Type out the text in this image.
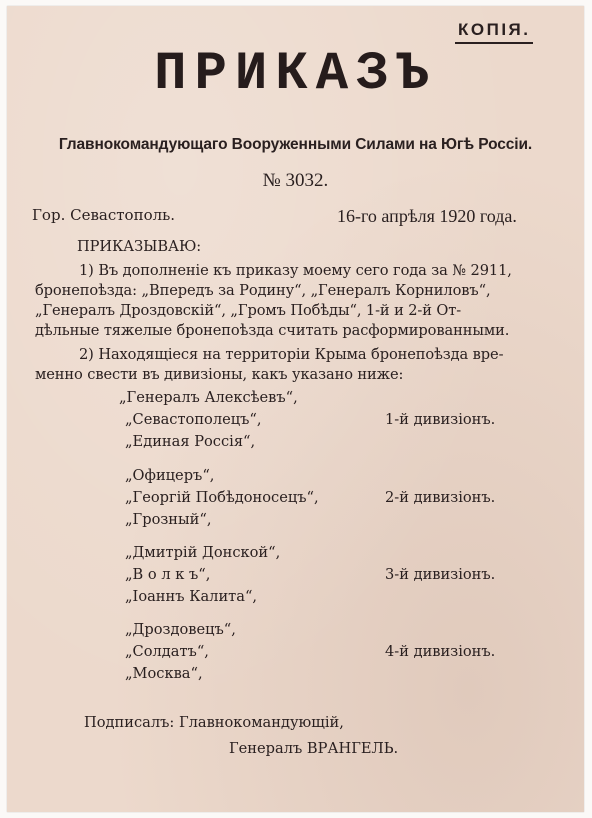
КОПІЯ.
ПРИКАЗЪ
Главнокомандующаго Вооруженными Силами на Югѣ Россіи.
№ 3032.
Гор. Севастополь.	16-го апрѣля 1920 года.
ПРИКАЗЫВАЮ:
1) Въ дополненіе къ приказу моему сего года за № 2911,
бронепоѣзда: „Впередъ за Родину“, „Генералъ Корниловъ“,
„Генералъ Дроздовскій“, „Громъ Побѣды“, 1-й и 2-й От-
дѣльные тяжелые бронепоѣзда считать расформированными.
2) Находящіеся на территоріи Крыма бронепоѣзда вре-
менно свести въ дивизіоны, какъ указано ниже:
„Генералъ Алексѣевъ“,
„Севастополецъ“,
„Единая Россія“,
1-й дивизіонъ.
„Офицеръ“,
„Георгій Побѣдоносецъ“,
„Грозный“,
2-й дивизіонъ.
„Дмитрій Донской“,
„В о л к ъ“,
„Іоаннъ Калита“,
3-й дивизіонъ.
„Дроздовецъ“,
„Солдатъ“,
„Москва“,
4-й дивизіонъ.
Подписалъ: Главнокомандующій,
Генералъ ВРАНГЕЛЬ.
